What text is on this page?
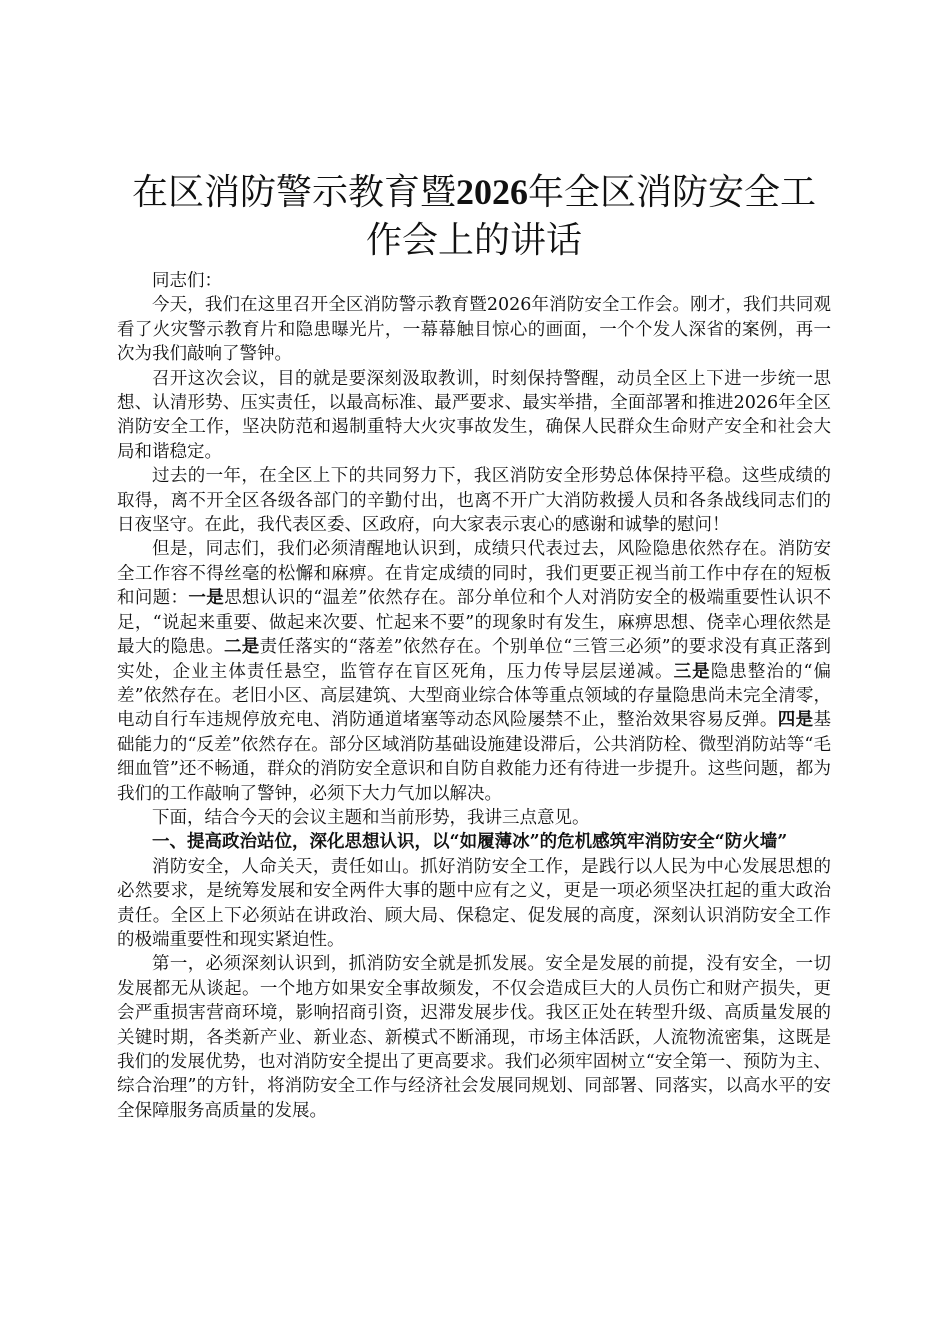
在区消防警示教育暨2026年全区消防安全工作会上的讲话

同志们：

今天，我们在这里召开全区消防警示教育暨2026年消防安全工作会。刚才，我们共同观看了火灾警示教育片和隐患曝光片，一幕幕触目惊心的画面，一个个发人深省的案例，再一次为我们敲响了警钟。

召开这次会议，目的就是要深刻汲取教训，时刻保持警醒，动员全区上下进一步统一思想、认清形势、压实责任，以最高标准、最严要求、最实举措，全面部署和推进2026年全区消防安全工作，坚决防范和遏制重特大火灾事故发生，确保人民群众生命财产安全和社会大局和谐稳定。

过去的一年，在全区上下的共同努力下，我区消防安全形势总体保持平稳。这些成绩的取得，离不开全区各级各部门的辛勤付出，也离不开广大消防救援人员和各条战线同志们的日夜坚守。在此，我代表区委、区政府，向大家表示衷心的感谢和诚挚的慰问！

但是，同志们，我们必须清醒地认识到，成绩只代表过去，风险隐患依然存在。消防安全工作容不得丝毫的松懈和麻痹。在肯定成绩的同时，我们更要正视当前工作中存在的短板和问题：一是思想认识的“温差”依然存在。部分单位和个人对消防安全的极端重要性认识不足，“说起来重要、做起来次要、忙起来不要”的现象时有发生，麻痹思想、侥幸心理依然是最大的隐患。二是责任落实的“落差”依然存在。个别单位“三管三必须”的要求没有真正落到实处，企业主体责任悬空，监管存在盲区死角，压力传导层层递减。三是隐患整治的“偏差”依然存在。老旧小区、高层建筑、大型商业综合体等重点领域的存量隐患尚未完全清零，电动自行车违规停放充电、消防通道堵塞等动态风险屡禁不止，整治效果容易反弹。四是基础能力的“反差”依然存在。部分区域消防基础设施建设滞后，公共消防栓、微型消防站等“毛细血管”还不畅通，群众的消防安全意识和自防自救能力还有待进一步提升。这些问题，都为我们的工作敲响了警钟，必须下大力气加以解决。

下面，结合今天的会议主题和当前形势，我讲三点意见。

一、提高政治站位，深化思想认识，以“如履薄冰”的危机感筑牢消防安全“防火墙”

消防安全，人命关天，责任如山。抓好消防安全工作，是践行以人民为中心发展思想的必然要求，是统筹发展和安全两件大事的题中应有之义，更是一项必须坚决扛起的重大政治责任。全区上下必须站在讲政治、顾大局、保稳定、促发展的高度，深刻认识消防安全工作的极端重要性和现实紧迫性。

第一，必须深刻认识到，抓消防安全就是抓发展。安全是发展的前提，没有安全，一切发展都无从谈起。一个地方如果安全事故频发，不仅会造成巨大的人员伤亡和财产损失，更会严重损害营商环境，影响招商引资，迟滞发展步伐。我区正处在转型升级、高质量发展的关键时期，各类新产业、新业态、新模式不断涌现，市场主体活跃，人流物流密集，这既是我们的发展优势，也对消防安全提出了更高要求。我们必须牢固树立“安全第一、预防为主、综合治理”的方针，将消防安全工作与经济社会发展同规划、同部署、同落实，以高水平的安全保障服务高质量的发展。
